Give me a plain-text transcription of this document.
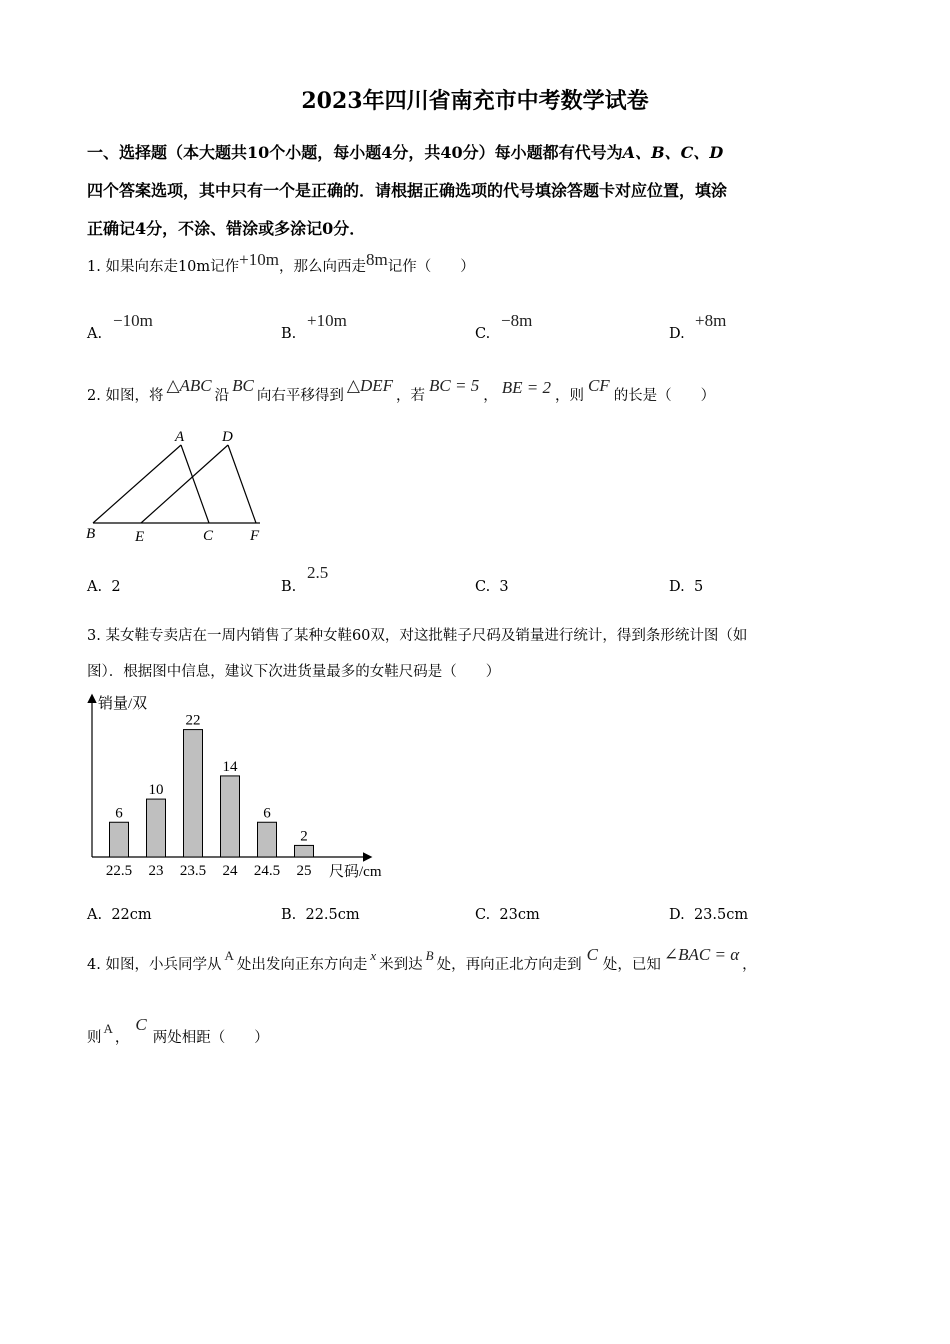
2023年四川省南充市中考数学试卷
一、选择题（本大题共10个小题，每小题4分，共40分）每小题都有代号为A、B、C、D
四个答案选项，其中只有一个是正确的．请根据正确选项的代号填涂答题卡对应位置，填涂
正确记4分，不涂、错涂或多涂记0分．
1. 如果向东走10m记作+10m，那么向西走8m记作（　　）
A.
−10m
B.
+10m
C.
−8m
D.
+8m
2. 如图，将△ABC沿BC向右平移得到△DEF，若BC = 5， BE = 2 ，则CF的长是（　　）
A	D
B	E	C F
A. 2	B.
2.5
C. 3	D. 5
3. 某女鞋专卖店在一周内销售了某种女鞋60双，对这批鞋子尺码及销量进行统计，得到条形统计图（如
图）．根据图中信息，建议下次进货量最多的女鞋尺码是（　　）
销量/双
尺码/cm
6
22.5
10
23
22
23.5
14
24
6
24.5
2
25
A. 22cm	B. 22.5cm	C. 23cm	D. 23.5cm
4. 如图，小兵同学从A处出发向正东方向走x米到达B处，再向正北方向走到C处，已知∠BAC = α，
则A，C两处相距（　　）
